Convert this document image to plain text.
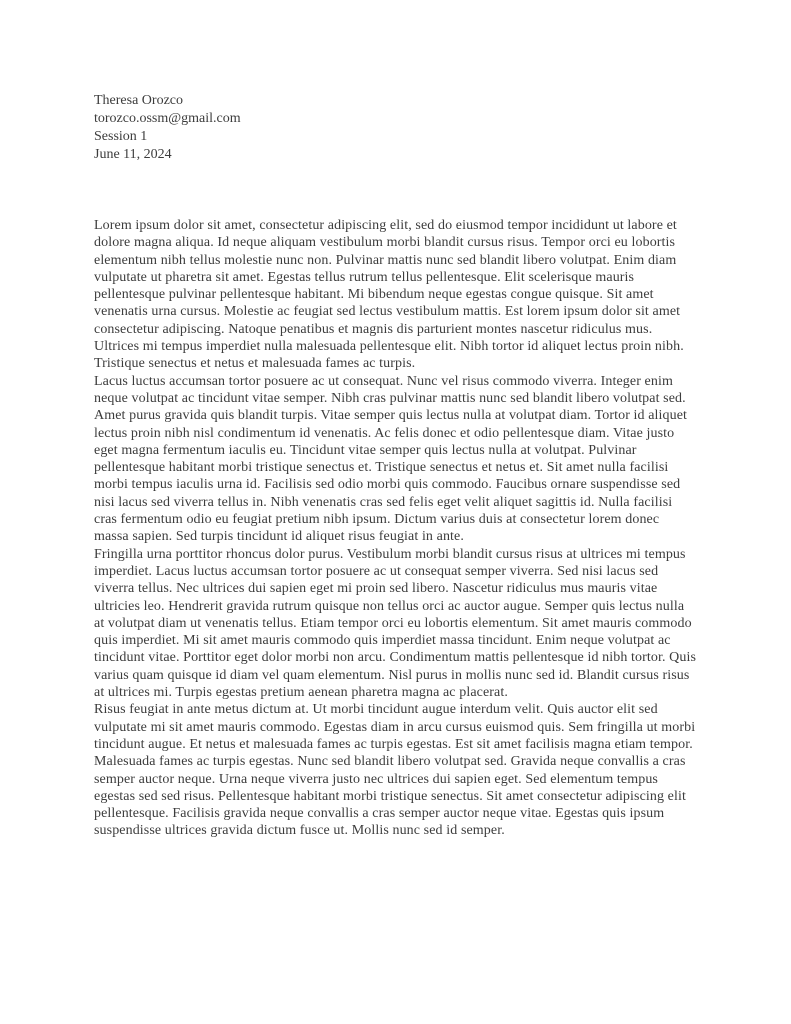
Theresa Orozco
torozco.ossm@gmail.com
Session 1
June 11, 2024

Lorem ipsum dolor sit amet, consectetur adipiscing elit, sed do eiusmod tempor incididunt ut labore et dolore magna aliqua. Id neque aliquam vestibulum morbi blandit cursus risus. Tempor orci eu lobortis elementum nibh tellus molestie nunc non. Pulvinar mattis nunc sed blandit libero volutpat. Enim diam vulputate ut pharetra sit amet. Egestas tellus rutrum tellus pellentesque. Elit scelerisque mauris pellentesque pulvinar pellentesque habitant. Mi bibendum neque egestas congue quisque. Sit amet venenatis urna cursus. Molestie ac feugiat sed lectus vestibulum mattis. Est lorem ipsum dolor sit amet consectetur adipiscing. Natoque penatibus et magnis dis parturient montes nascetur ridiculus mus. Ultrices mi tempus imperdiet nulla malesuada pellentesque elit. Nibh tortor id aliquet lectus proin nibh. Tristique senectus et netus et malesuada fames ac turpis.

Lacus luctus accumsan tortor posuere ac ut consequat. Nunc vel risus commodo viverra. Integer enim neque volutpat ac tincidunt vitae semper. Nibh cras pulvinar mattis nunc sed blandit libero volutpat sed. Amet purus gravida quis blandit turpis. Vitae semper quis lectus nulla at volutpat diam. Tortor id aliquet lectus proin nibh nisl condimentum id venenatis. Ac felis donec et odio pellentesque diam. Vitae justo eget magna fermentum iaculis eu. Tincidunt vitae semper quis lectus nulla at volutpat. Pulvinar pellentesque habitant morbi tristique senectus et. Tristique senectus et netus et. Sit amet nulla facilisi morbi tempus iaculis urna id. Facilisis sed odio morbi quis commodo. Faucibus ornare suspendisse sed nisi lacus sed viverra tellus in. Nibh venenatis cras sed felis eget velit aliquet sagittis id. Nulla facilisi cras fermentum odio eu feugiat pretium nibh ipsum. Dictum varius duis at consectetur lorem donec massa sapien. Sed turpis tincidunt id aliquet risus feugiat in ante.

Fringilla urna porttitor rhoncus dolor purus. Vestibulum morbi blandit cursus risus at ultrices mi tempus imperdiet. Lacus luctus accumsan tortor posuere ac ut consequat semper viverra. Sed nisi lacus sed viverra tellus. Nec ultrices dui sapien eget mi proin sed libero. Nascetur ridiculus mus mauris vitae ultricies leo. Hendrerit gravida rutrum quisque non tellus orci ac auctor augue. Semper quis lectus nulla at volutpat diam ut venenatis tellus. Etiam tempor orci eu lobortis elementum. Sit amet mauris commodo quis imperdiet. Mi sit amet mauris commodo quis imperdiet massa tincidunt. Enim neque volutpat ac tincidunt vitae. Porttitor eget dolor morbi non arcu. Condimentum mattis pellentesque id nibh tortor. Quis varius quam quisque id diam vel quam elementum. Nisl purus in mollis nunc sed id. Blandit cursus risus at ultrices mi. Turpis egestas pretium aenean pharetra magna ac placerat.

Risus feugiat in ante metus dictum at. Ut morbi tincidunt augue interdum velit. Quis auctor elit sed vulputate mi sit amet mauris commodo. Egestas diam in arcu cursus euismod quis. Sem fringilla ut morbi tincidunt augue. Et netus et malesuada fames ac turpis egestas. Est sit amet facilisis magna etiam tempor. Malesuada fames ac turpis egestas. Nunc sed blandit libero volutpat sed. Gravida neque convallis a cras semper auctor neque. Urna neque viverra justo nec ultrices dui sapien eget. Sed elementum tempus egestas sed sed risus. Pellentesque habitant morbi tristique senectus. Sit amet consectetur adipiscing elit pellentesque. Facilisis gravida neque convallis a cras semper auctor neque vitae. Egestas quis ipsum suspendisse ultrices gravida dictum fusce ut. Mollis nunc sed id semper.
